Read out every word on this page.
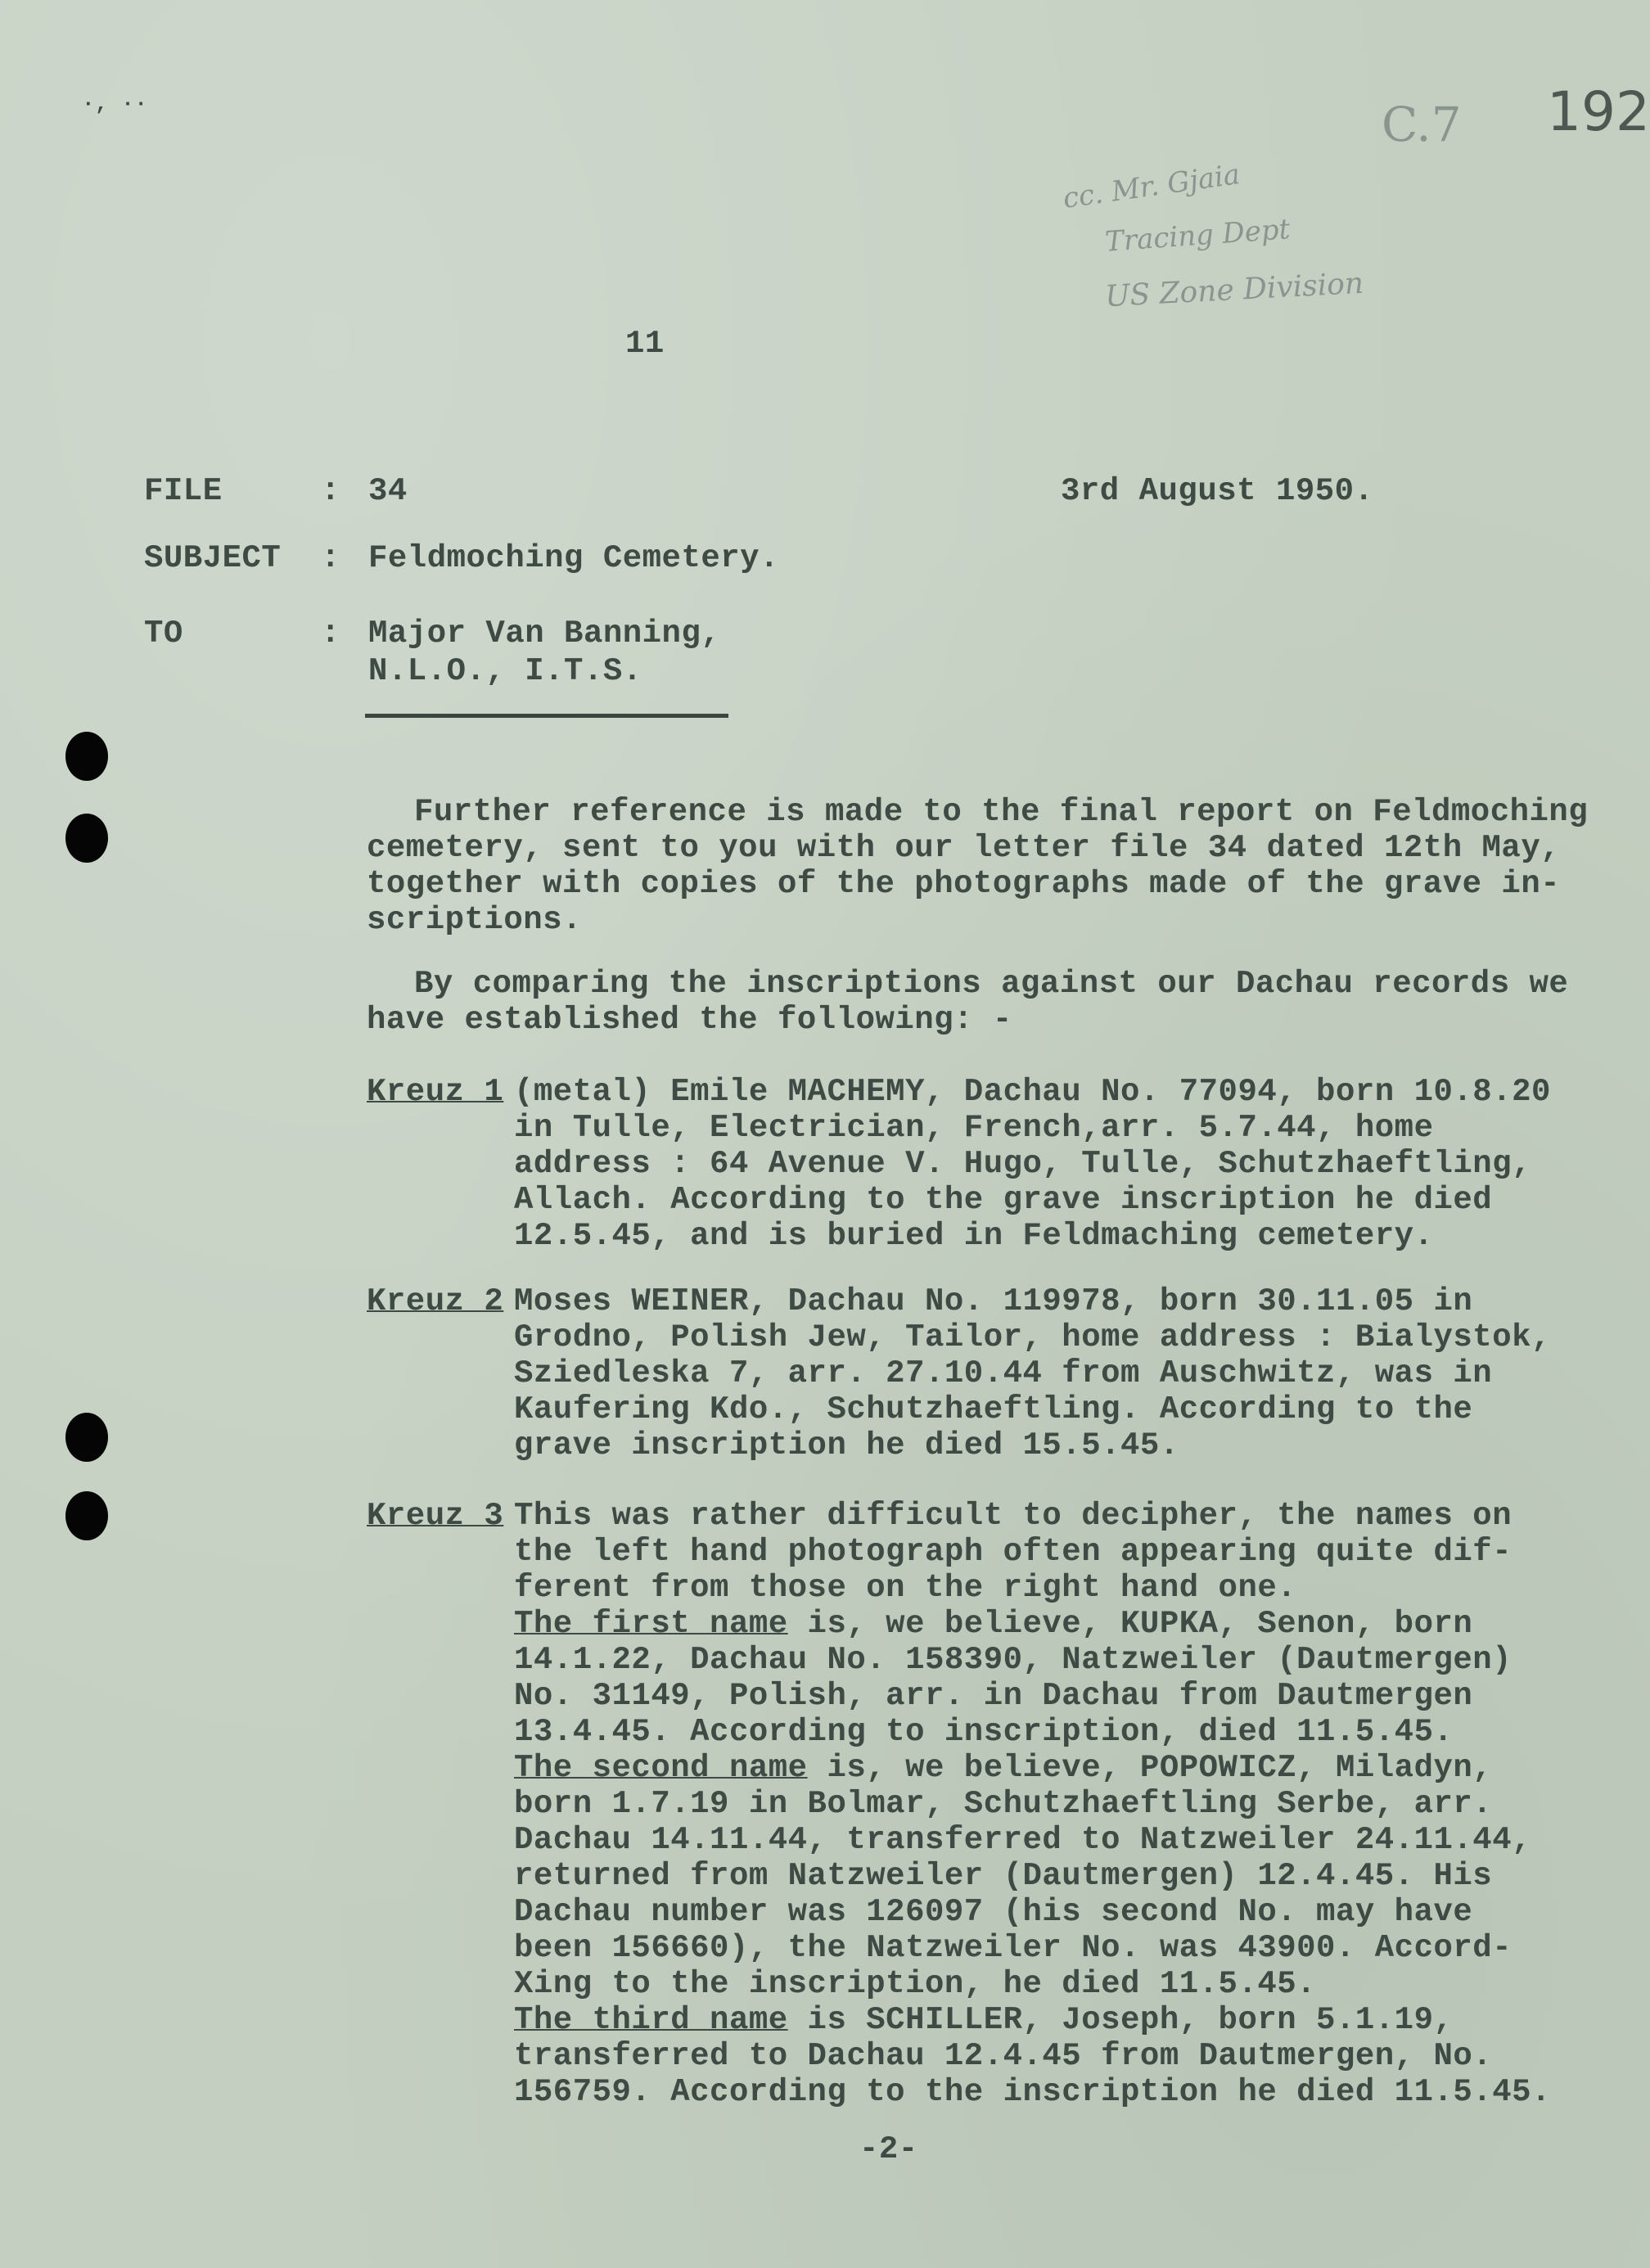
·, ··	C.7 192
cc. Mr. Gjaia
Tracing Dept
US Zone Division
11
FILE	: 34	3rd August 1950.
SUBJECT : Feldmoching Cemetery.
TO	: Major Van Banning,
N.L.O., I.T.S.
Further reference is made to the final report on Feldmoching
cemetery, sent to you with our letter file 34 dated 12th May,
together with copies of the photographs made of the grave in-
scriptions.
By comparing the inscriptions against our Dachau records we
have established the following: -
Kreuz 1 (metal) Emile MACHEMY, Dachau No. 77094, born 10.8.20
in Tulle, Electrician, French,arr. 5.7.44, home
address : 64 Avenue V. Hugo, Tulle, Schutzhaeftling,
Allach. According to the grave inscription he died
12.5.45, and is buried in Feldmaching cemetery.
Kreuz 2 Moses WEINER, Dachau No. 119978, born 30.11.05 in
Grodno, Polish Jew, Tailor, home address : Bialystok,
Sziedleska 7, arr. 27.10.44 from Auschwitz, was in
Kaufering Kdo., Schutzhaeftling. According to the
grave inscription he died 15.5.45.
Kreuz 3 This was rather difficult to decipher, the names on
the left hand photograph often appearing quite dif-
ferent from those on the right hand one.
The first name is, we believe, KUPKA, Senon, born
14.1.22, Dachau No. 158390, Natzweiler (Dautmergen)
No. 31149, Polish, arr. in Dachau from Dautmergen
13.4.45. According to inscription, died 11.5.45.
The second name is, we believe, POPOWICZ, Miladyn,
born 1.7.19 in Bolmar, Schutzhaeftling Serbe, arr.
Dachau 14.11.44, transferred to Natzweiler 24.11.44,
returned from Natzweiler (Dautmergen) 12.4.45. His
Dachau number was 126097 (his second No. may have
been 156660), the Natzweiler No. was 43900. Accord-
Xing to the inscription, he died 11.5.45.
The third name is SCHILLER, Joseph, born 5.1.19,
transferred to Dachau 12.4.45 from Dautmergen, No.
156759. According to the inscription he died 11.5.45.
-2-
